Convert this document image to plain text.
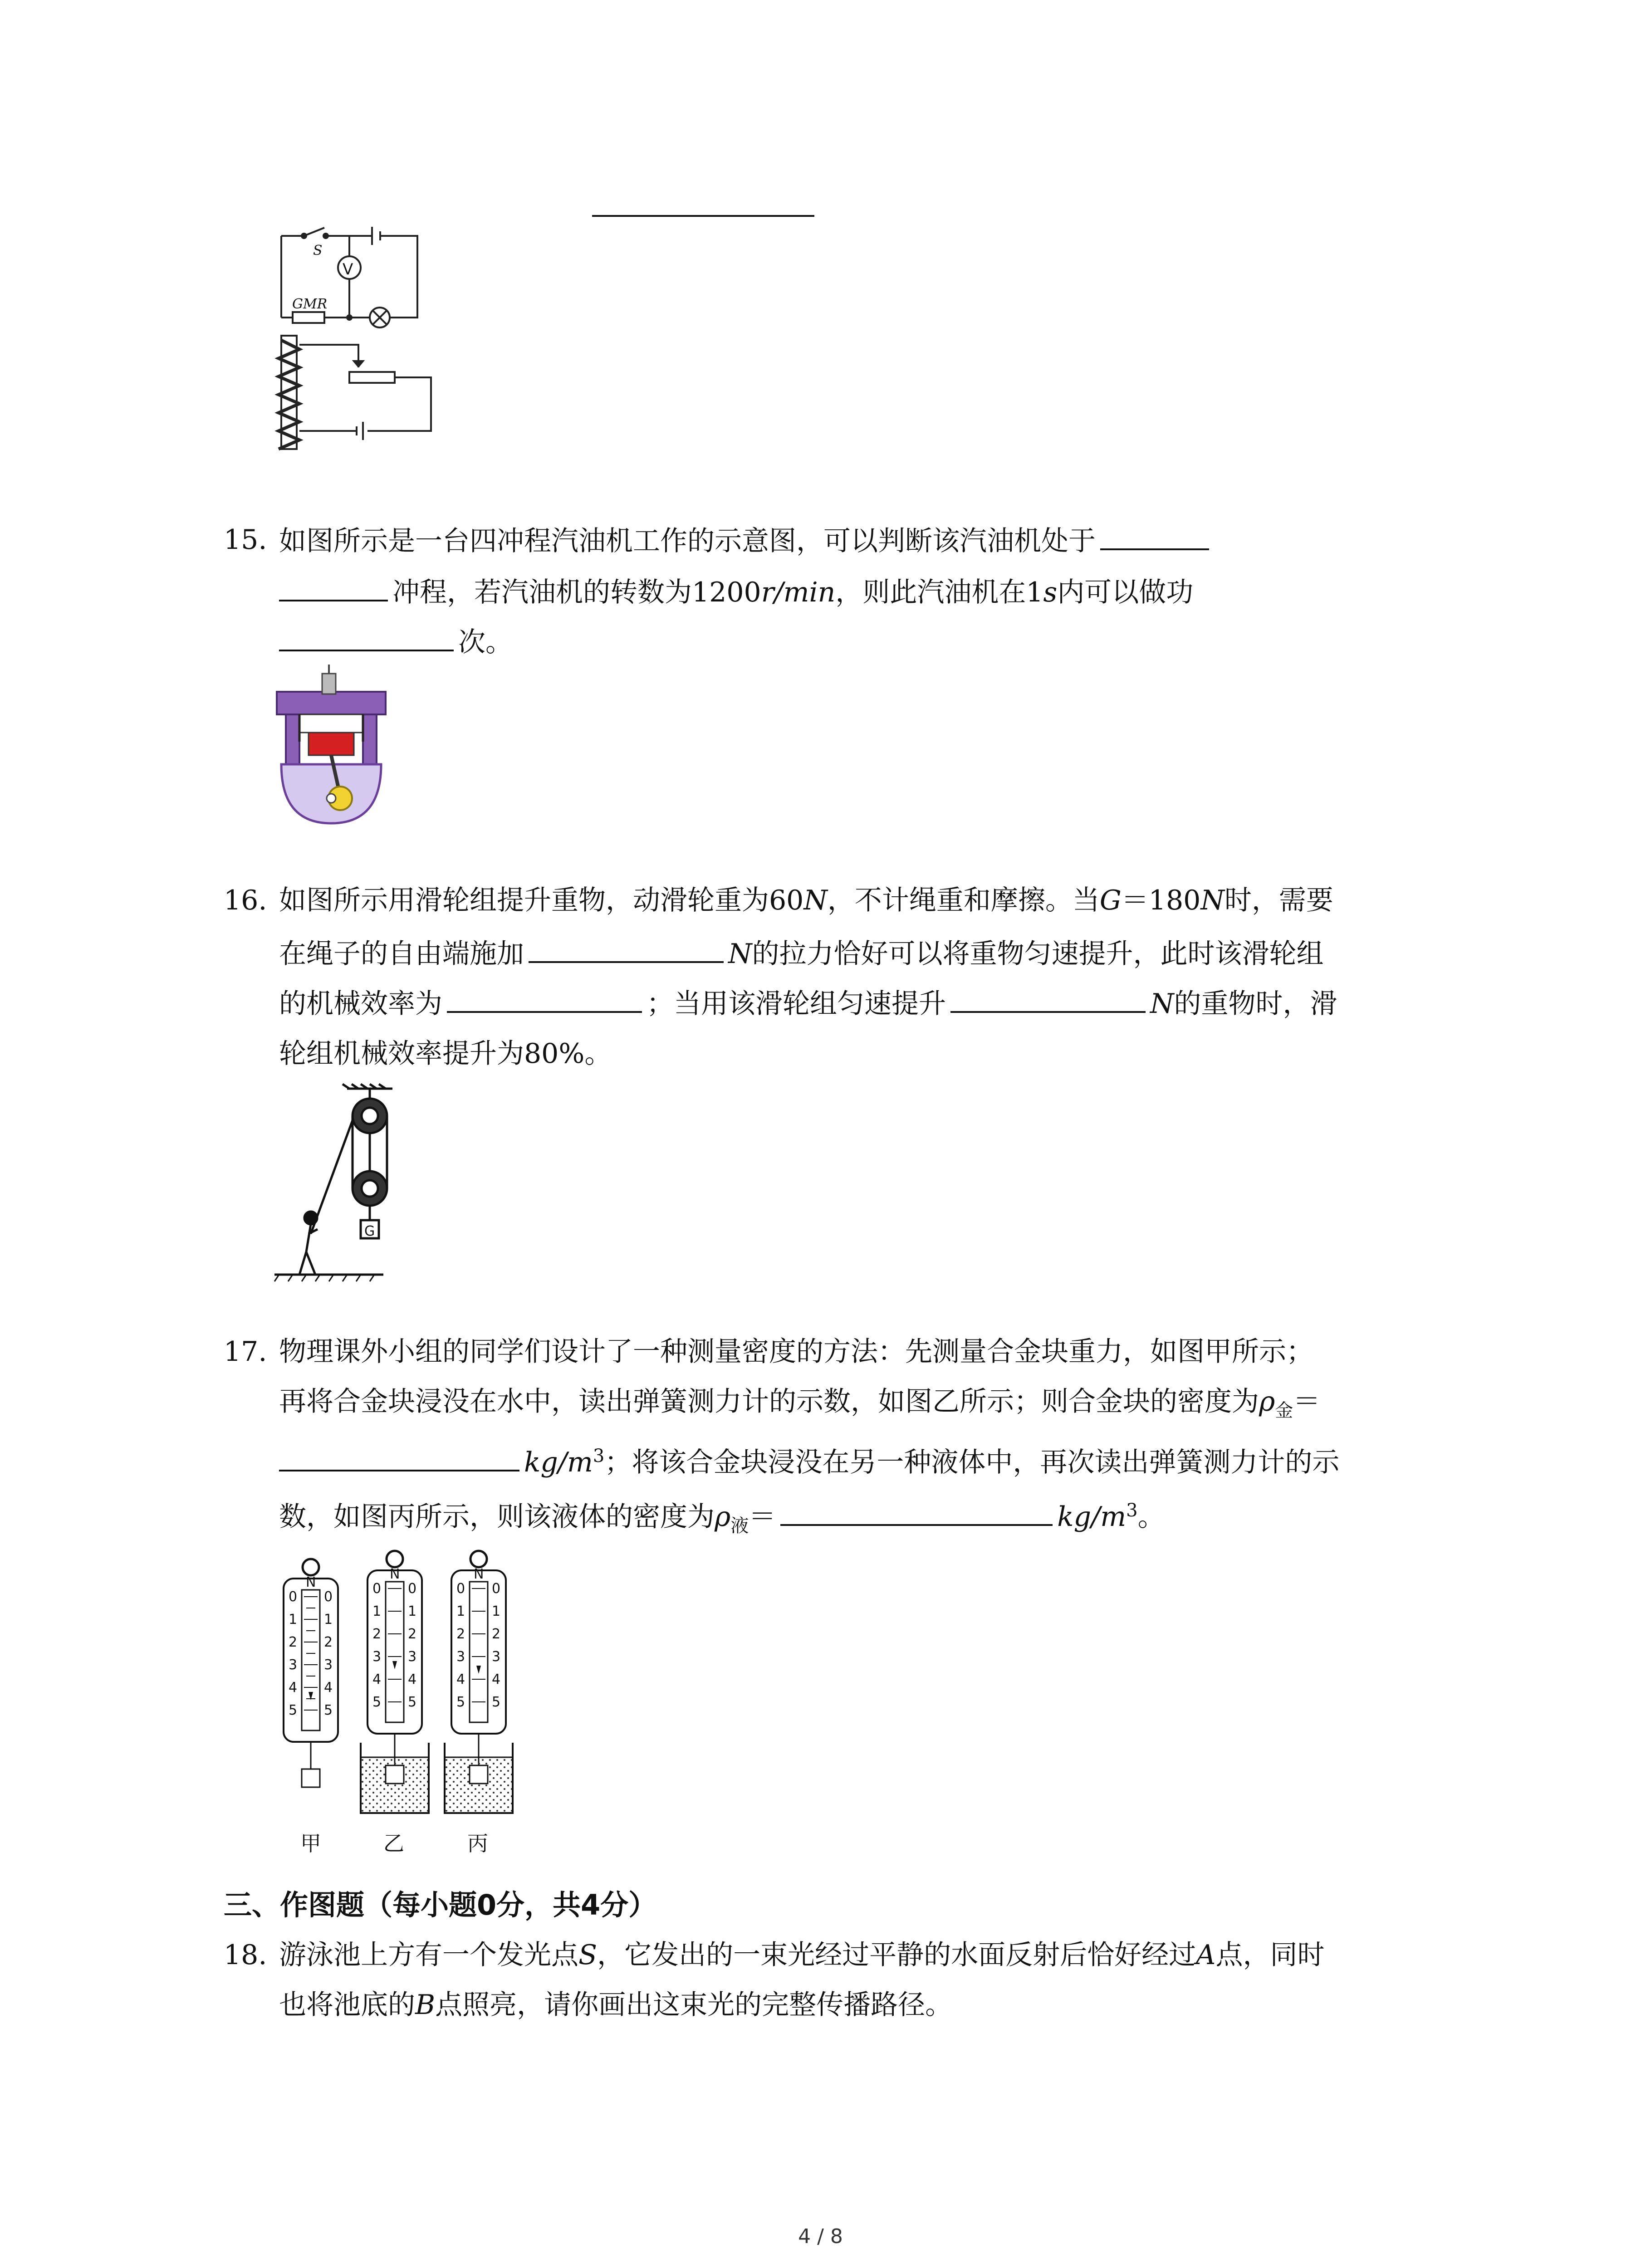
S
V
GMR
15. 如图所示是一台四冲程汽油机工作的示意图，可以判断该汽油机处于
冲程，若汽油机的转数为1200r/min，则此汽油机在1s内可以做功
次。
16. 如图所示用滑轮组提升重物，动滑轮重为60N，不计绳重和摩擦。当G＝180N时，需要
在绳子的自由端施加	N的拉力恰好可以将重物匀速提升，此时该滑轮组
的机械效率为	；当用该滑轮组匀速提升	N的重物时，滑
轮组机械效率提升为80%。
G
17. 物理课外小组的同学们设计了一种测量密度的方法：先测量合金块重力，如图甲所示；
再将合金块浸没在水中，读出弹簧测力计的示数，如图乙所示；则合金块的密度为$\rho_金=$
$kg/m^3$；将该合金块浸没在另一种液体中，再次读出弹簧测力计的示
数，如图丙所示，则该液体的密度为$\rho_液=$	$kg/m^3$。
N
0
1
2
3
4
5
0
1
2
3
4
5
甲
N
0
1
2
3
4
5
0
1
2
3
4
5
乙
N
0
1
2
3
4
5
0
1
2
3
4
5
丙
三、作图题（每小题0分，共4分）
18. 游泳池上方有一个发光点S，它发出的一束光经过平静的水面反射后恰好经过A点，同时
也将池底的B点照亮，请你画出这束光的完整传播路径。
4 / 8
